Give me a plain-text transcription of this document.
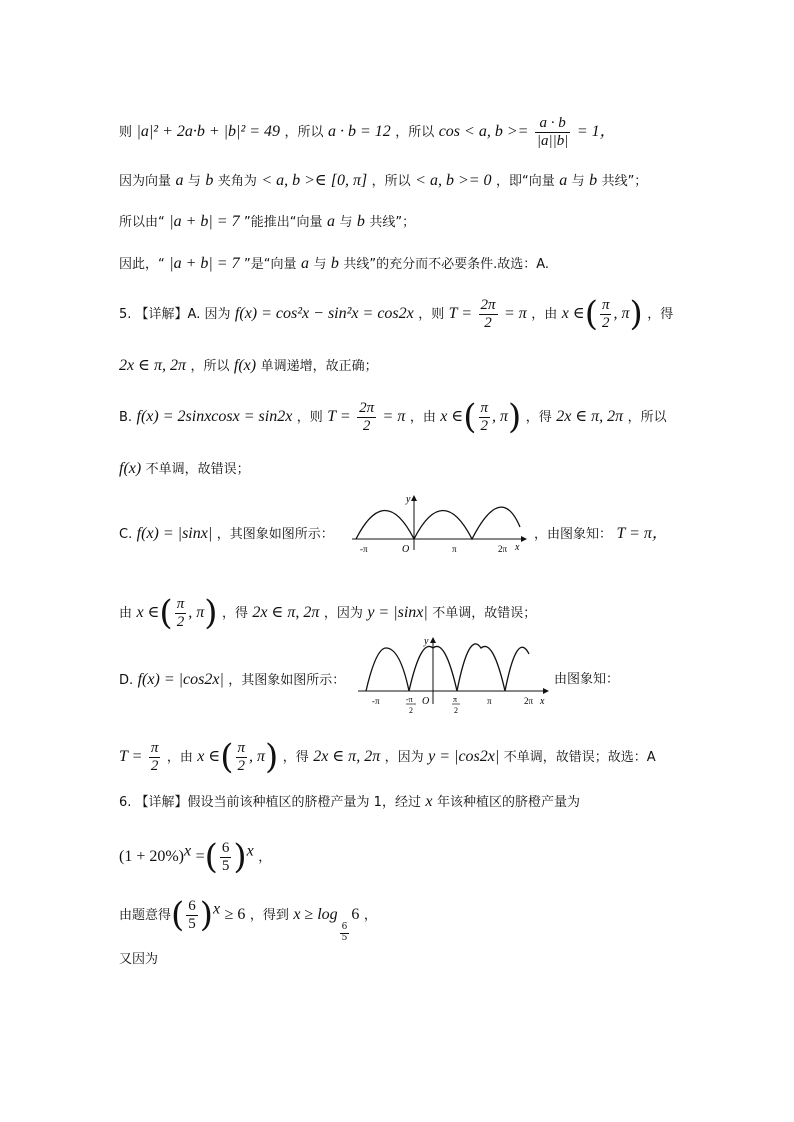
则 |a|² + 2a·b + |b|² = 49 ，所以 a · b = 12 ，所以 cos < a, $b >= \frac{a \cdot b}{|a||b|} = 1$，
因为向量 a 与 b 夹角为 < a, b >∈ [0, π] ，所以 < a, b >= 0 ，即“向量 a 与 b 共线”；
所以由“ |a + b| = 7 ”能推出“向量 a 与 b 共线”；
因此，“ |a + b| = 7 ”是“向量 a 与 b 共线”的充分而不必要条件.故选：A.
5. 【详解】A. 因为 f(x) = cos²x − sin²x = cos2x ，则 $T = \frac{2\pi}{2} = \pi$ ，由 x ∈( $\frac{\pi}{2}$ , π) ，得
2x ∈ π, 2π ，所以 f(x) 单调递增，故正确；
B. f(x) = 2sinxcosx = sin2x ，则 $T = \frac{2\pi}{2} = \pi$ ，由 x ∈( $\frac{\pi}{2}$ , π) ，得 2x ∈ π, 2π ，所以
f(x) 不单调，故错误；
C. f(x) = |sinx| ，其图象如图所示：
y
x
O
-π	π	2π
，由图象知： T = π，
由 x ∈( $\frac{\pi}{2}$ , π) ，得 2x ∈ π, 2π ，因为 y = |sinx| 不单调，故错误；
D. f(x) = |cos2x| ，其图象如图所示：
y
x
O
-π	-π
2
π
2
π	2π
由图象知：
$T = \frac{\pi}{2}$ ，由 x ∈( $\frac{\pi}{2}$ , π) ，得 2x ∈ π, 2π ，因为 y = |cos2x| 不单调，故错误；故选：A
6. 【详解】假设当前该种植区的脐橙产量为 1，经过 x 年该种植区的脐橙产量为
$(1 + 20\%)^x$ =( $\frac{6}{5} )^x$ ，
由题意得( $\frac{6}{5} )^x \ge 6$ ，得到 x ≥ log
$_{\frac{6}{5}}$
6 ，
又因为
